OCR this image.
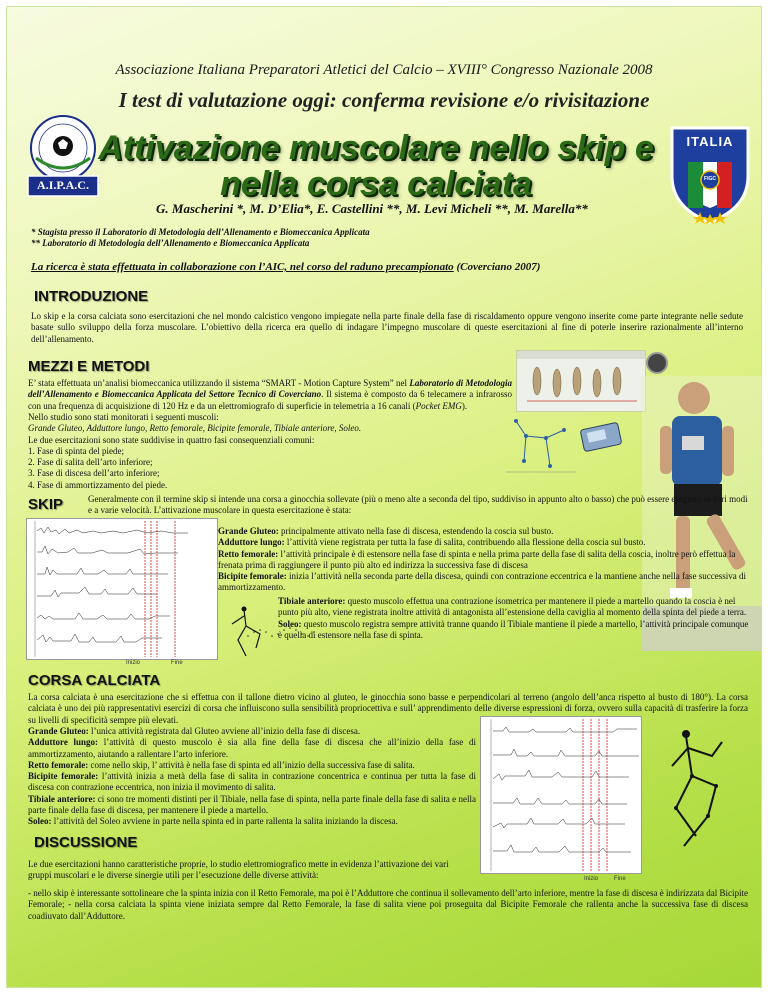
Associazione Italiana Preparatori Atletici del Calcio – XVIII° Congresso Nazionale 2008
I test di valutazione oggi: conferma revisione e/o rivisitazione
A.I.P.A.C.
ITALIA
FIGC
Attivazione muscolare nello skip e
nella corsa calciata
G. Mascherini *, M. D’Elia*, E. Castellini **, M. Levi Micheli **, M. Marella**
* Stagista presso il Laboratorio di Metodologia dell’Allenamento e Biomeccanica Applicata
** Laboratorio di Metodologia dell’Allenamento e Biomeccanica Applicata
La ricerca è stata effettuata in collaborazione con l’AIC, nel corso del raduno precampionato (Coverciano 2007)
INTRODUZIONE
Lo skip e la corsa calciata sono esercitazioni che nel mondo calcistico vengono impiegate nella parte finale della fase di riscaldamento oppure vengono inserite come parte integrante nelle sedute basate sullo sviluppo della forza muscolare. L’obiettivo della ricerca era quello di indagare l’impegno muscolare di queste esercitazioni al fine di poterle inserire razionalmente all’interno dell’allenamento.
MEZZI E METODI
E’ stata effettuata un’analisi biomeccanica utilizzando il sistema “SMART - Motion Capture System” nel Laboratorio di Metodologia dell’Allenamento e Biomeccanica Applicata del Settore Tecnico di Coverciano. Il sistema è composto da 6 telecamere a infrarosso con una frequenza di acquisizione di 120 Hz e da un elettromiografo di superficie in telemetria a 16 canali (Pocket EMG).
Nello studio sono stati monitorati i seguenti muscoli:
Grande Gluteo, Adduttore lungo, Retto femorale, Bicipite femorale, Tibiale anteriore, Soleo.
Le due esercitazioni sono state suddivise in quattro fasi consequenziali comuni:
1. Fase di spinta del piede;
2. Fase di salita dell’arto inferiore;
3. Fase di discesa dell’arto inferiore;
4. Fase di ammortizzamento del piede.
SKIP	Generalmente con il termine skip si intende una corsa a ginocchia sollevate (più o meno alte a seconda del tipo, suddiviso in appunto alto o basso) che può essere eseguito in vari modi e a varie velocità. L’attivazione muscolare in questa esercitazione è stata:
Inizio	Fine
Grande Gluteo: principalmente attivato nella fase di discesa, estendendo la coscia sul busto.
Adduttore lungo: l’attività viene registrata per tutta la fase di salita, contribuendo alla flessione della coscia sul busto.
Retto femorale: l’attività principale è di estensore nella fase di spinta e nella prima parte della fase di salita della coscia, inoltre però effettua la frenata prima di raggiungere il punto più alto ed indirizza la successiva fase di discesa
Bicipite femorale: inizia l’attività nella seconda parte della discesa, quindi con contrazione eccentrica e la mantiene anche nella fase successiva di ammortizzamento.
Tibiale anteriore: questo muscolo effettua una contrazione isometrica per mantenere il piede a martello quando la coscia è nel punto più alto, viene registrata inoltre attività di antagonista all’estensione della caviglia al momento della spinta del piede a terra.
Soleo: questo muscolo registra sempre attività tranne quando il Tibiale mantiene il piede a martello, l’attività principale comunque è quella di estensore nella fase di spinta.
CORSA CALCIATA
La corsa calciata è una esercitazione che si effettua con il tallone dietro vicino al gluteo, le ginocchia sono basse e perpendicolari al terreno (angolo dell’anca rispetto al busto di 180°). La corsa calciata è uno dei più rappresentativi esercizi di corsa che influiscono sulla sensibilità propriocettiva e sull’ apprendimento delle diverse espressioni di forza, ovvero sulla capacità di trasferire la forza su livelli di specificità sempre più elevati.
Grande Gluteo: l’unica attività registrata dal Gluteo avviene all’inizio della fase di discesa.
Adduttore lungo: l’attività di questo muscolo è sia alla fine della fase di discesa che all’inizio della fase di ammortizzamento, aiutando a rallentare l’arto inferiore.
Retto femorale: come nello skip, l’ attività è nella fase di spinta ed all’inizio della successiva fase di salita.
Bicipite femorale: l’attività inizia a metà della fase di salita in contrazione concentrica e continua per tutta la fase di discesa con contrazione eccentrica, non inizia il movimento di salita.
Tibiale anteriore: ci sono tre momenti distinti per il Tibiale, nella fase di spinta, nella parte finale della fase di salita e nella parte finale della fase di discesa, per mantenere il piede a martello.
Soleo: l’attività del Soleo avviene in parte nella spinta ed in parte rallenta la salita iniziando la discesa.
Inizio	Fine
DISCUSSIONE
Le due esercitazioni hanno caratteristiche proprie, lo studio elettromiografico mette in evidenza l’attivazione dei vari gruppi muscolari e le diverse sinergie utili per l’esecuzione delle diverse attività:
- nello skip è interessante sottolineare che la spinta inizia con il Retto Femorale, ma poi è l’Adduttore che continua il sollevamento dell’arto inferiore, mentre la fase di discesa è indirizzata dal Bicipite Femorale; - nella corsa calciata la spinta viene iniziata sempre dal Retto Femorale, la fase di salita viene poi proseguita dal Bicipite Femorale che rallenta anche la successiva fase di discesa coadiuvato dall’Adduttore.
